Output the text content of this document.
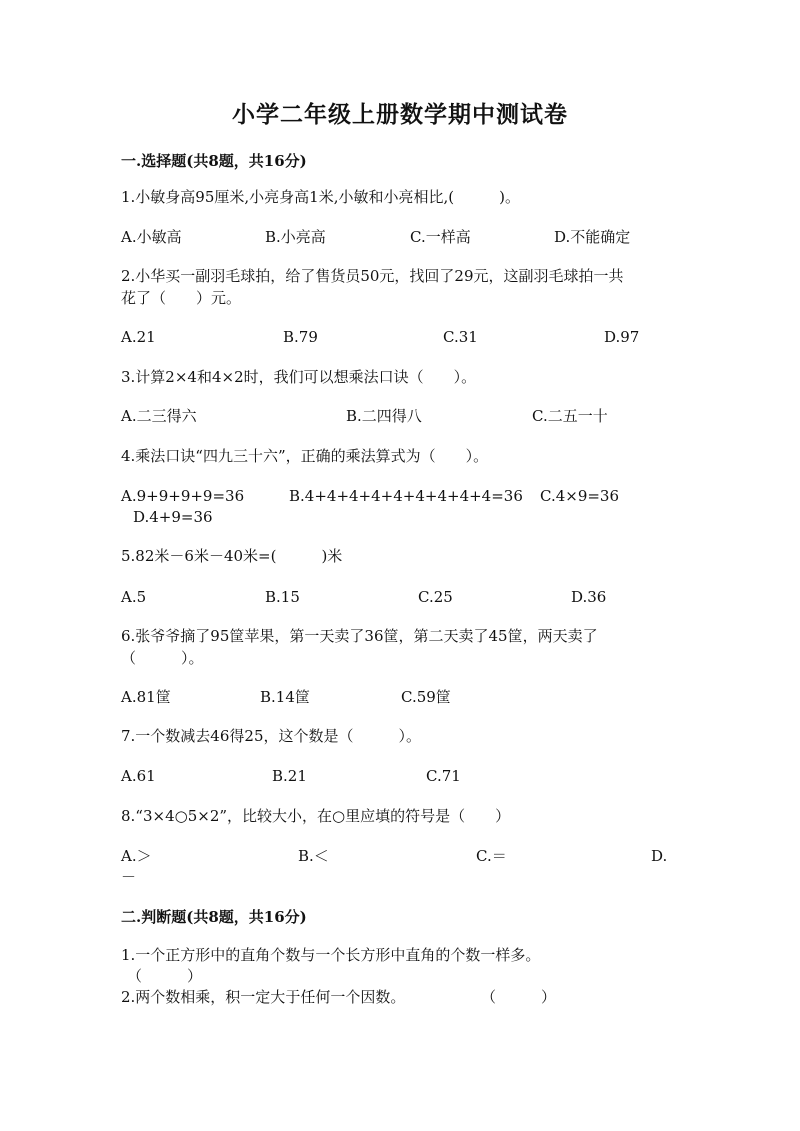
小学二年级上册数学期中测试卷
一.选择题(共8题，共16分)
1.小敏身高95厘米,小亮身高1米,小敏和小亮相比,(　　　)。
A.小敏高	B.小亮高	C.一样高	D.不能确定
2.小华买一副羽毛球拍，给了售货员50元，找回了29元，这副羽毛球拍一共
花了（　　）元。
A.21	B.79	C.31	D.97
3.计算2×4和4×2时，我们可以想乘法口诀（　　）。
A.二三得六	B.二四得八	C.二五一十
4.乘法口诀“四九三十六”，正确的乘法算式为（　　）。
A.9+9+9+9=36	B.4+4+4+4+4+4+4+4+4=36 C.4×9=36
D.4+9=36
5.82米－6米－40米=(　　　)米
A.5	B.15	C.25	D.36
6.张爷爷摘了95筐苹果，第一天卖了36筐，第二天卖了45筐，两天卖了
（　　　）。
A.81筐	B.14筐	C.59筐
7.一个数减去46得25，这个数是（　　　）。
A.61	B.21	C.71
8.“3×4○5×2”，比较大小，在○里应填的符号是（　　）
A.＞	B.＜	C.＝	D.
－
二.判断题(共8题，共16分)
1.一个正方形中的直角个数与一个长方形中直角的个数一样多。
（　　　）
2.两个数相乘，积一定大于任何一个因数。	（　　　）
